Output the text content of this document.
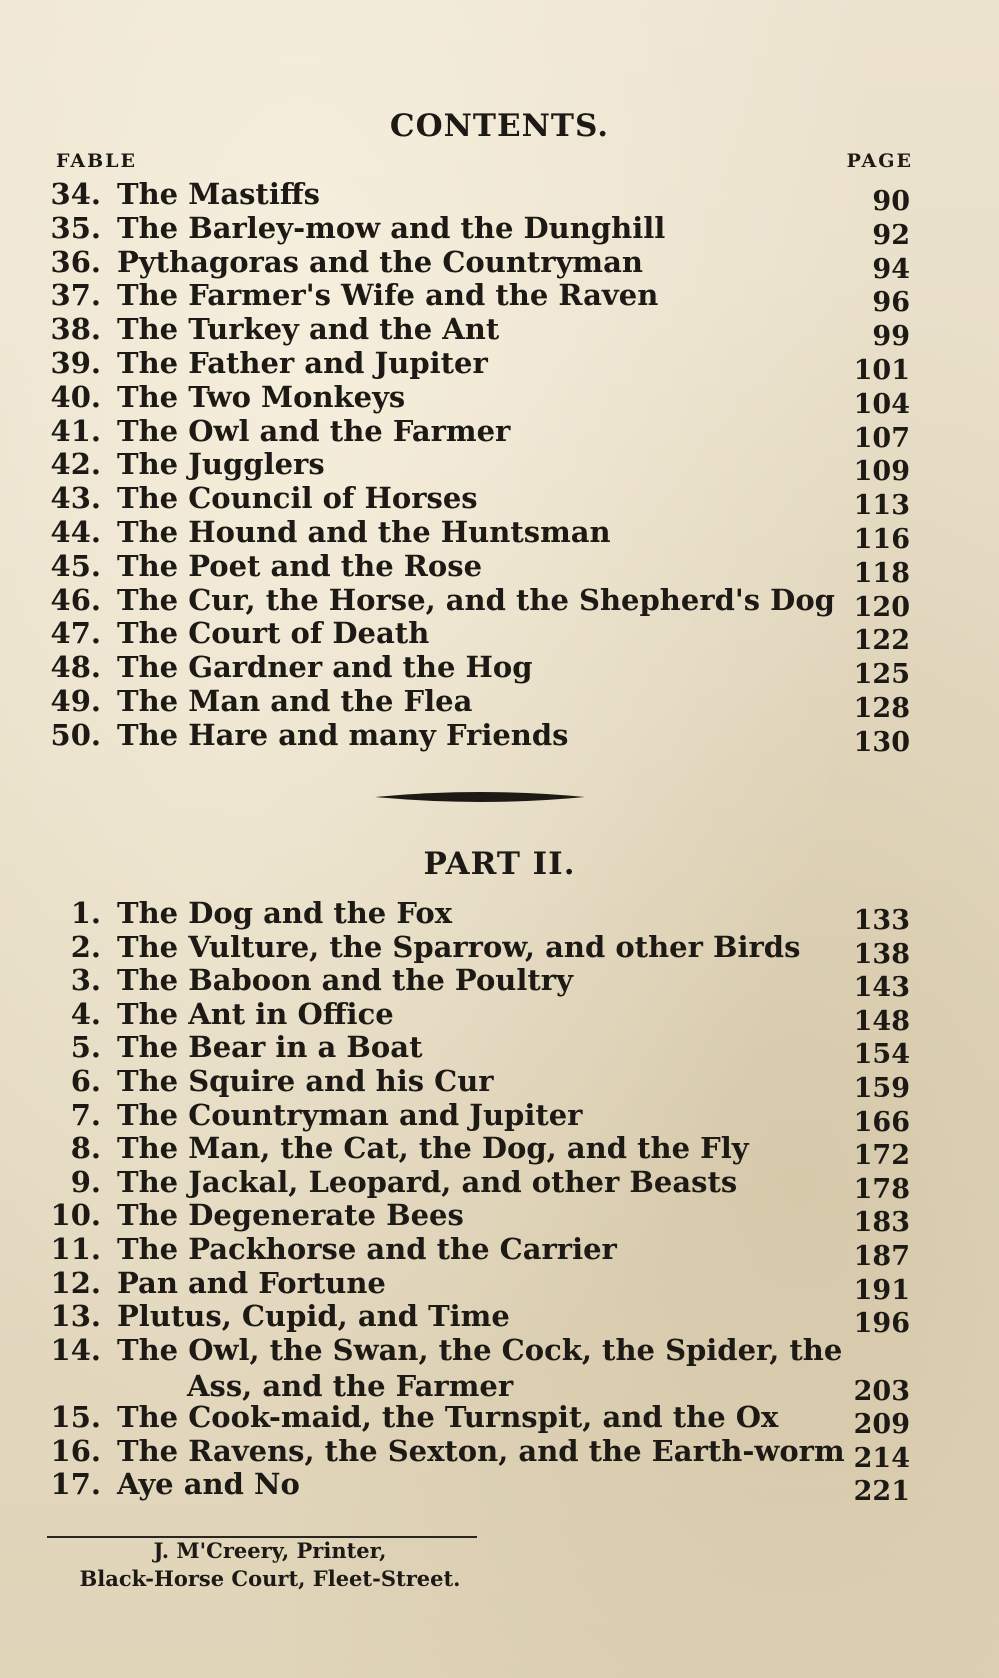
CONTENTS.
FABLE	PAGE
34. The Mastiffs	90
35. The Barley-mow and the Dunghill	92
36. Pythagoras and the Countryman	94
37. The Farmer's Wife and the Raven	96
38. The Turkey and the Ant	99
39. The Father and Jupiter	101
40. The Two Monkeys	104
41. The Owl and the Farmer	107
42. The Jugglers	109
43. The Council of Horses	113
44. The Hound and the Huntsman	116
45. The Poet and the Rose	118
46. The Cur, the Horse, and the Shepherd's Dog 120
47. The Court of Death	122
48. The Gardner and the Hog	125
49. The Man and the Flea	128
50. The Hare and many Friends	130
PART II.
1. The Dog and the Fox	133
2. The Vulture, the Sparrow, and other Birds 138
3. The Baboon and the Poultry	143
4. The Ant in Office	148
5. The Bear in a Boat	154
6. The Squire and his Cur	159
7. The Countryman and Jupiter	166
8. The Man, the Cat, the Dog, and the Fly	172
9. The Jackal, Leopard, and other Beasts	178
10. The Degenerate Bees	183
11. The Packhorse and the Carrier	187
12. Pan and Fortune	191
13. Plutus, Cupid, and Time	196
14. The Owl, the Swan, the Cock, the Spider, the
Ass, and the Farmer	203
15. The Cook-maid, the Turnspit, and the Ox	209
16. The Ravens, the Sexton, and the Earth-worm 214
17. Aye and No	221
J. M'Creery, Printer,
Black-Horse Court, Fleet-Street.
